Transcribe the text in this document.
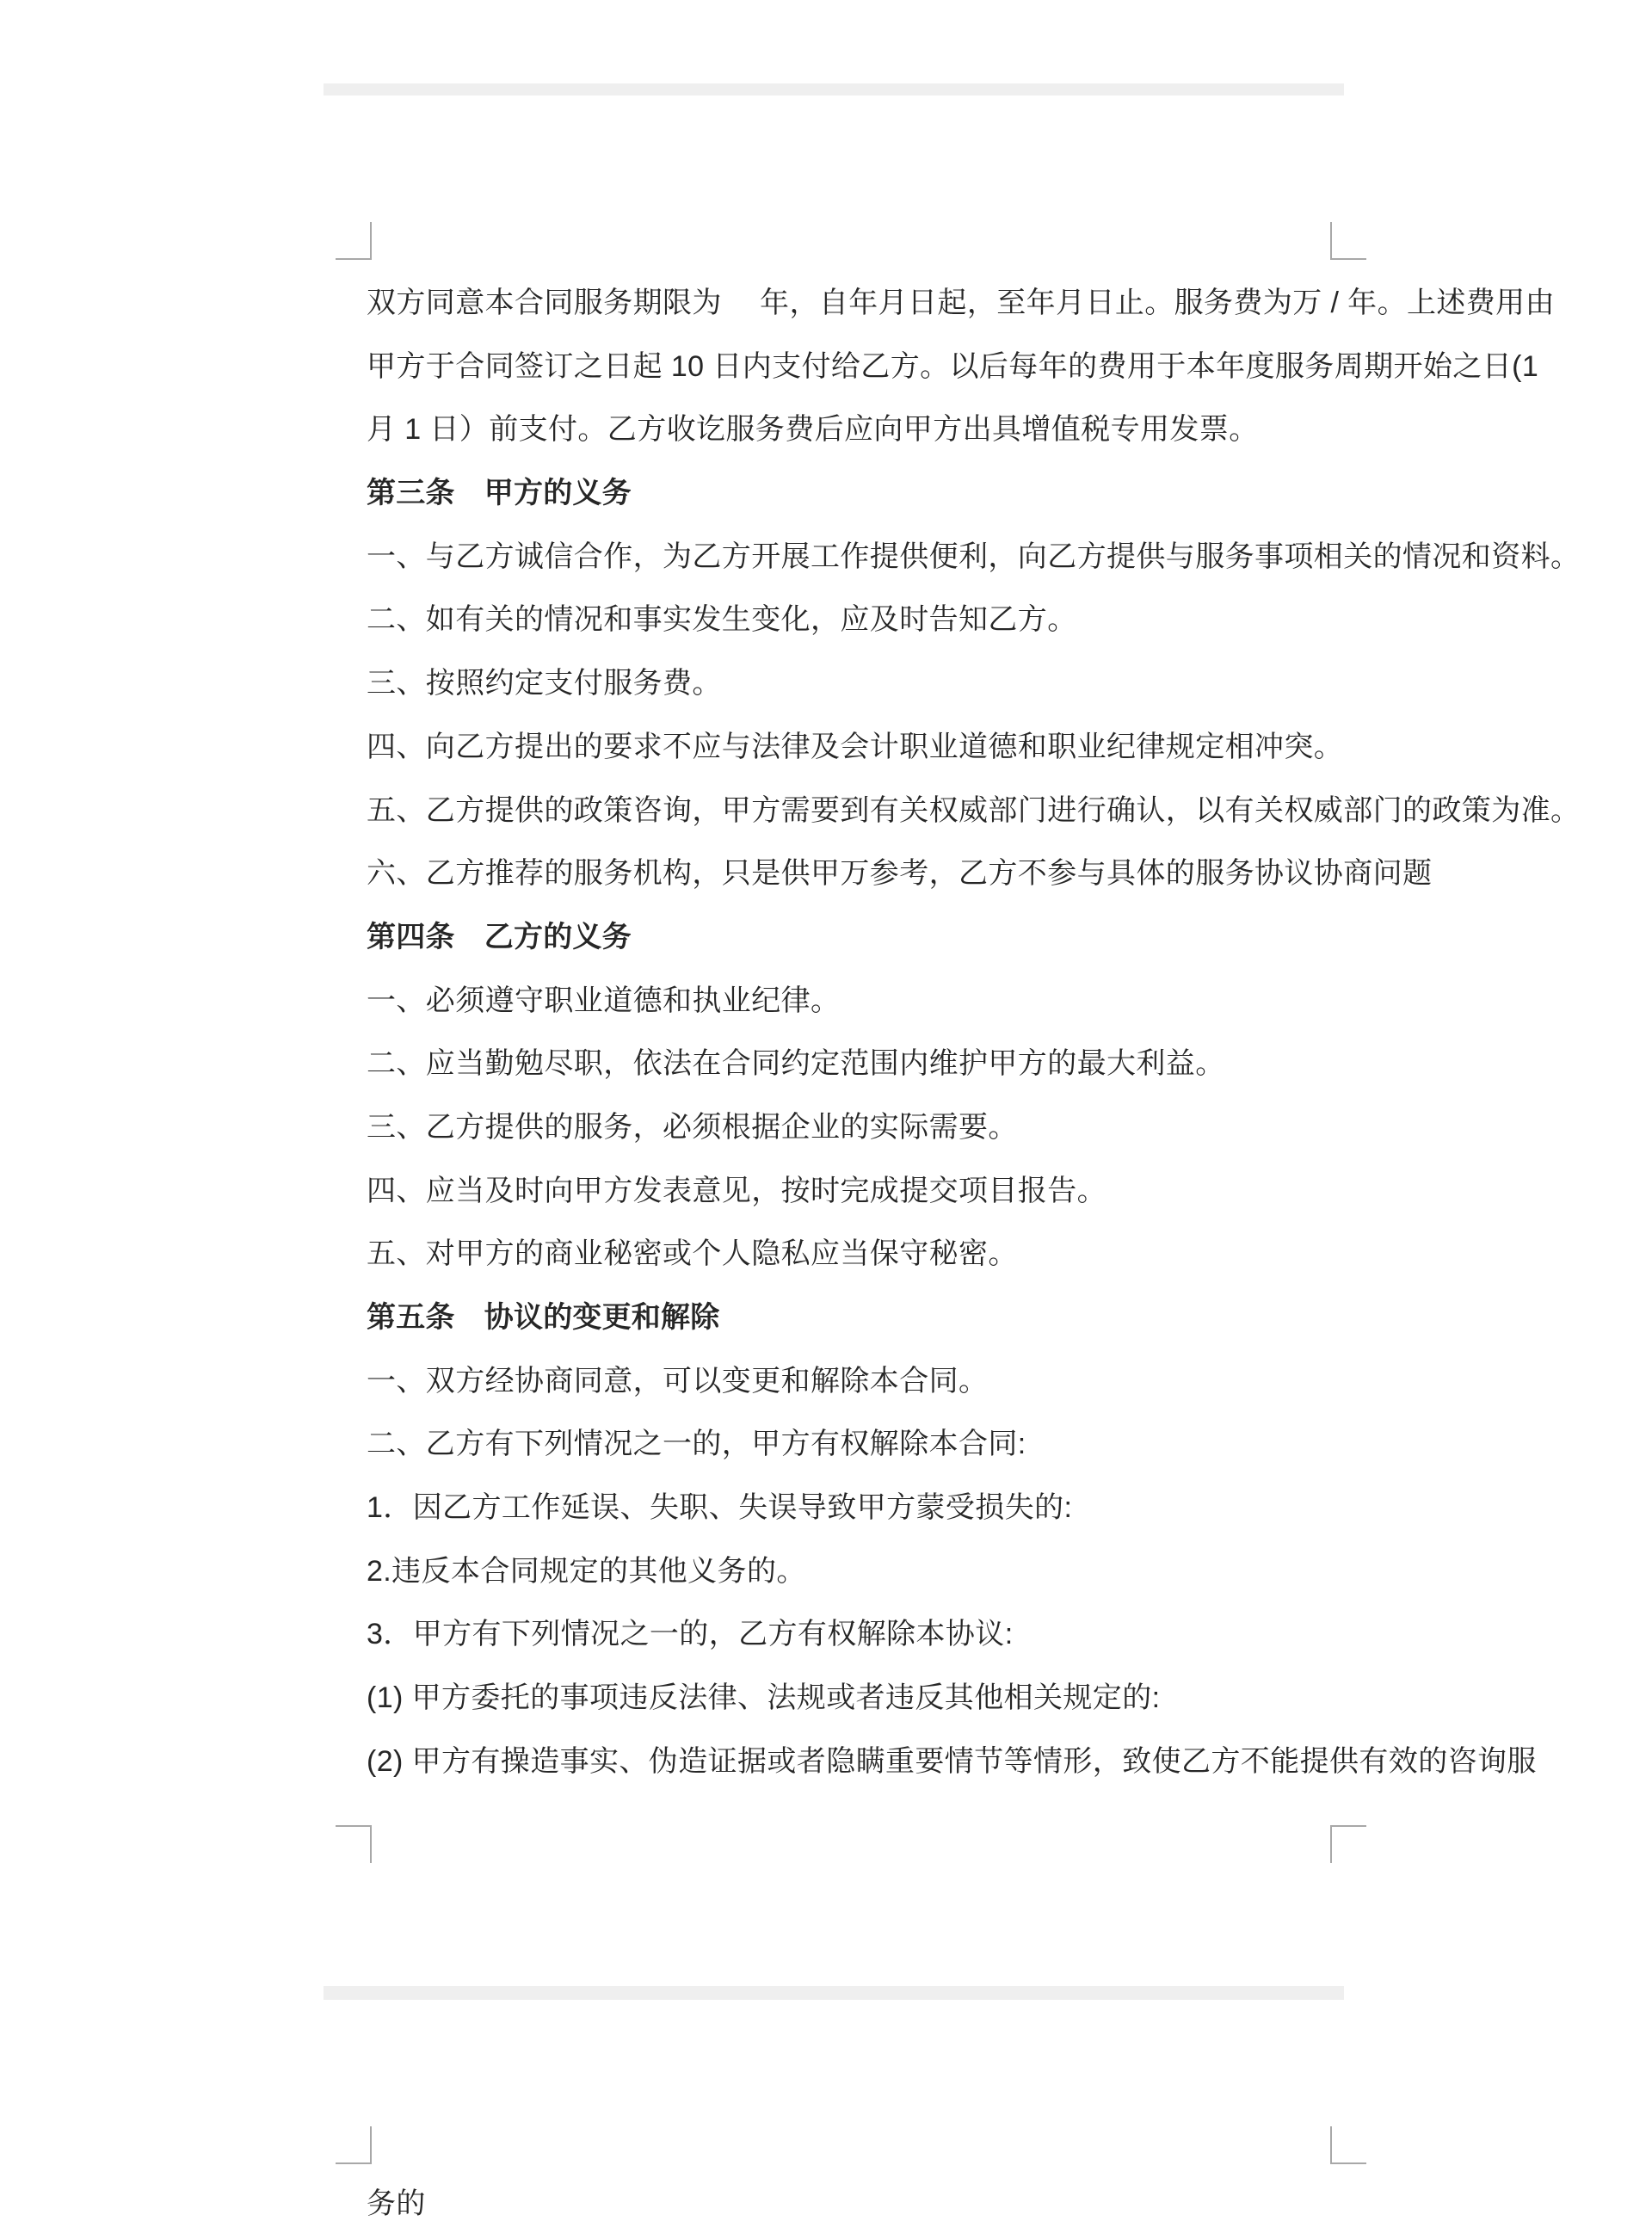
双方同意本合同服务期限为　 年，自年月日起，至年月日止。服务费为万 / 年。上述费用由
甲方于合同签订之日起 10 日内支付给乙方。以后每年的费用于本年度服务周期开始之日(1
月 1 日）前支付。乙方收讫服务费后应向甲方出具增值税专用发票。
第三条　甲方的义务
一、与乙方诚信合作，为乙方开展工作提供便利，向乙方提供与服务事项相关的情况和资料。
二、如有关的情况和事实发生变化，应及时告知乙方。
三、按照约定支付服务费。
四、向乙方提出的要求不应与法律及会计职业道德和职业纪律规定相冲突。
五、乙方提供的政策咨询，甲方需要到有关权威部门进行确认，以有关权威部门的政策为准。
六、乙方推荐的服务机构，只是供甲万参考，乙方不参与具体的服务协议协商问题
第四条　乙方的义务
一、必须遵守职业道德和执业纪律。
二、应当勤勉尽职，依法在合同约定范围内维护甲方的最大利益。
三、乙方提供的服务，必须根据企业的实际需要。
四、应当及时向甲方发表意见，按时完成提交项目报告。
五、对甲方的商业秘密或个人隐私应当保守秘密。
第五条　协议的变更和解除
一、双方经协商同意，可以变更和解除本合同。
二、乙方有下列情况之一的，甲方有权解除本合同:
1．因乙方工作延误、失职、失误导致甲方蒙受损失的:
2.违反本合同规定的其他义务的。
3．甲方有下列情况之一的，乙方有权解除本协议:
(1) 甲方委托的事项违反法律、法规或者违反其他相关规定的:
(2) 甲方有操造事实、伪造证据或者隐瞒重要情节等情形，致使乙方不能提供有效的咨询服
务的
